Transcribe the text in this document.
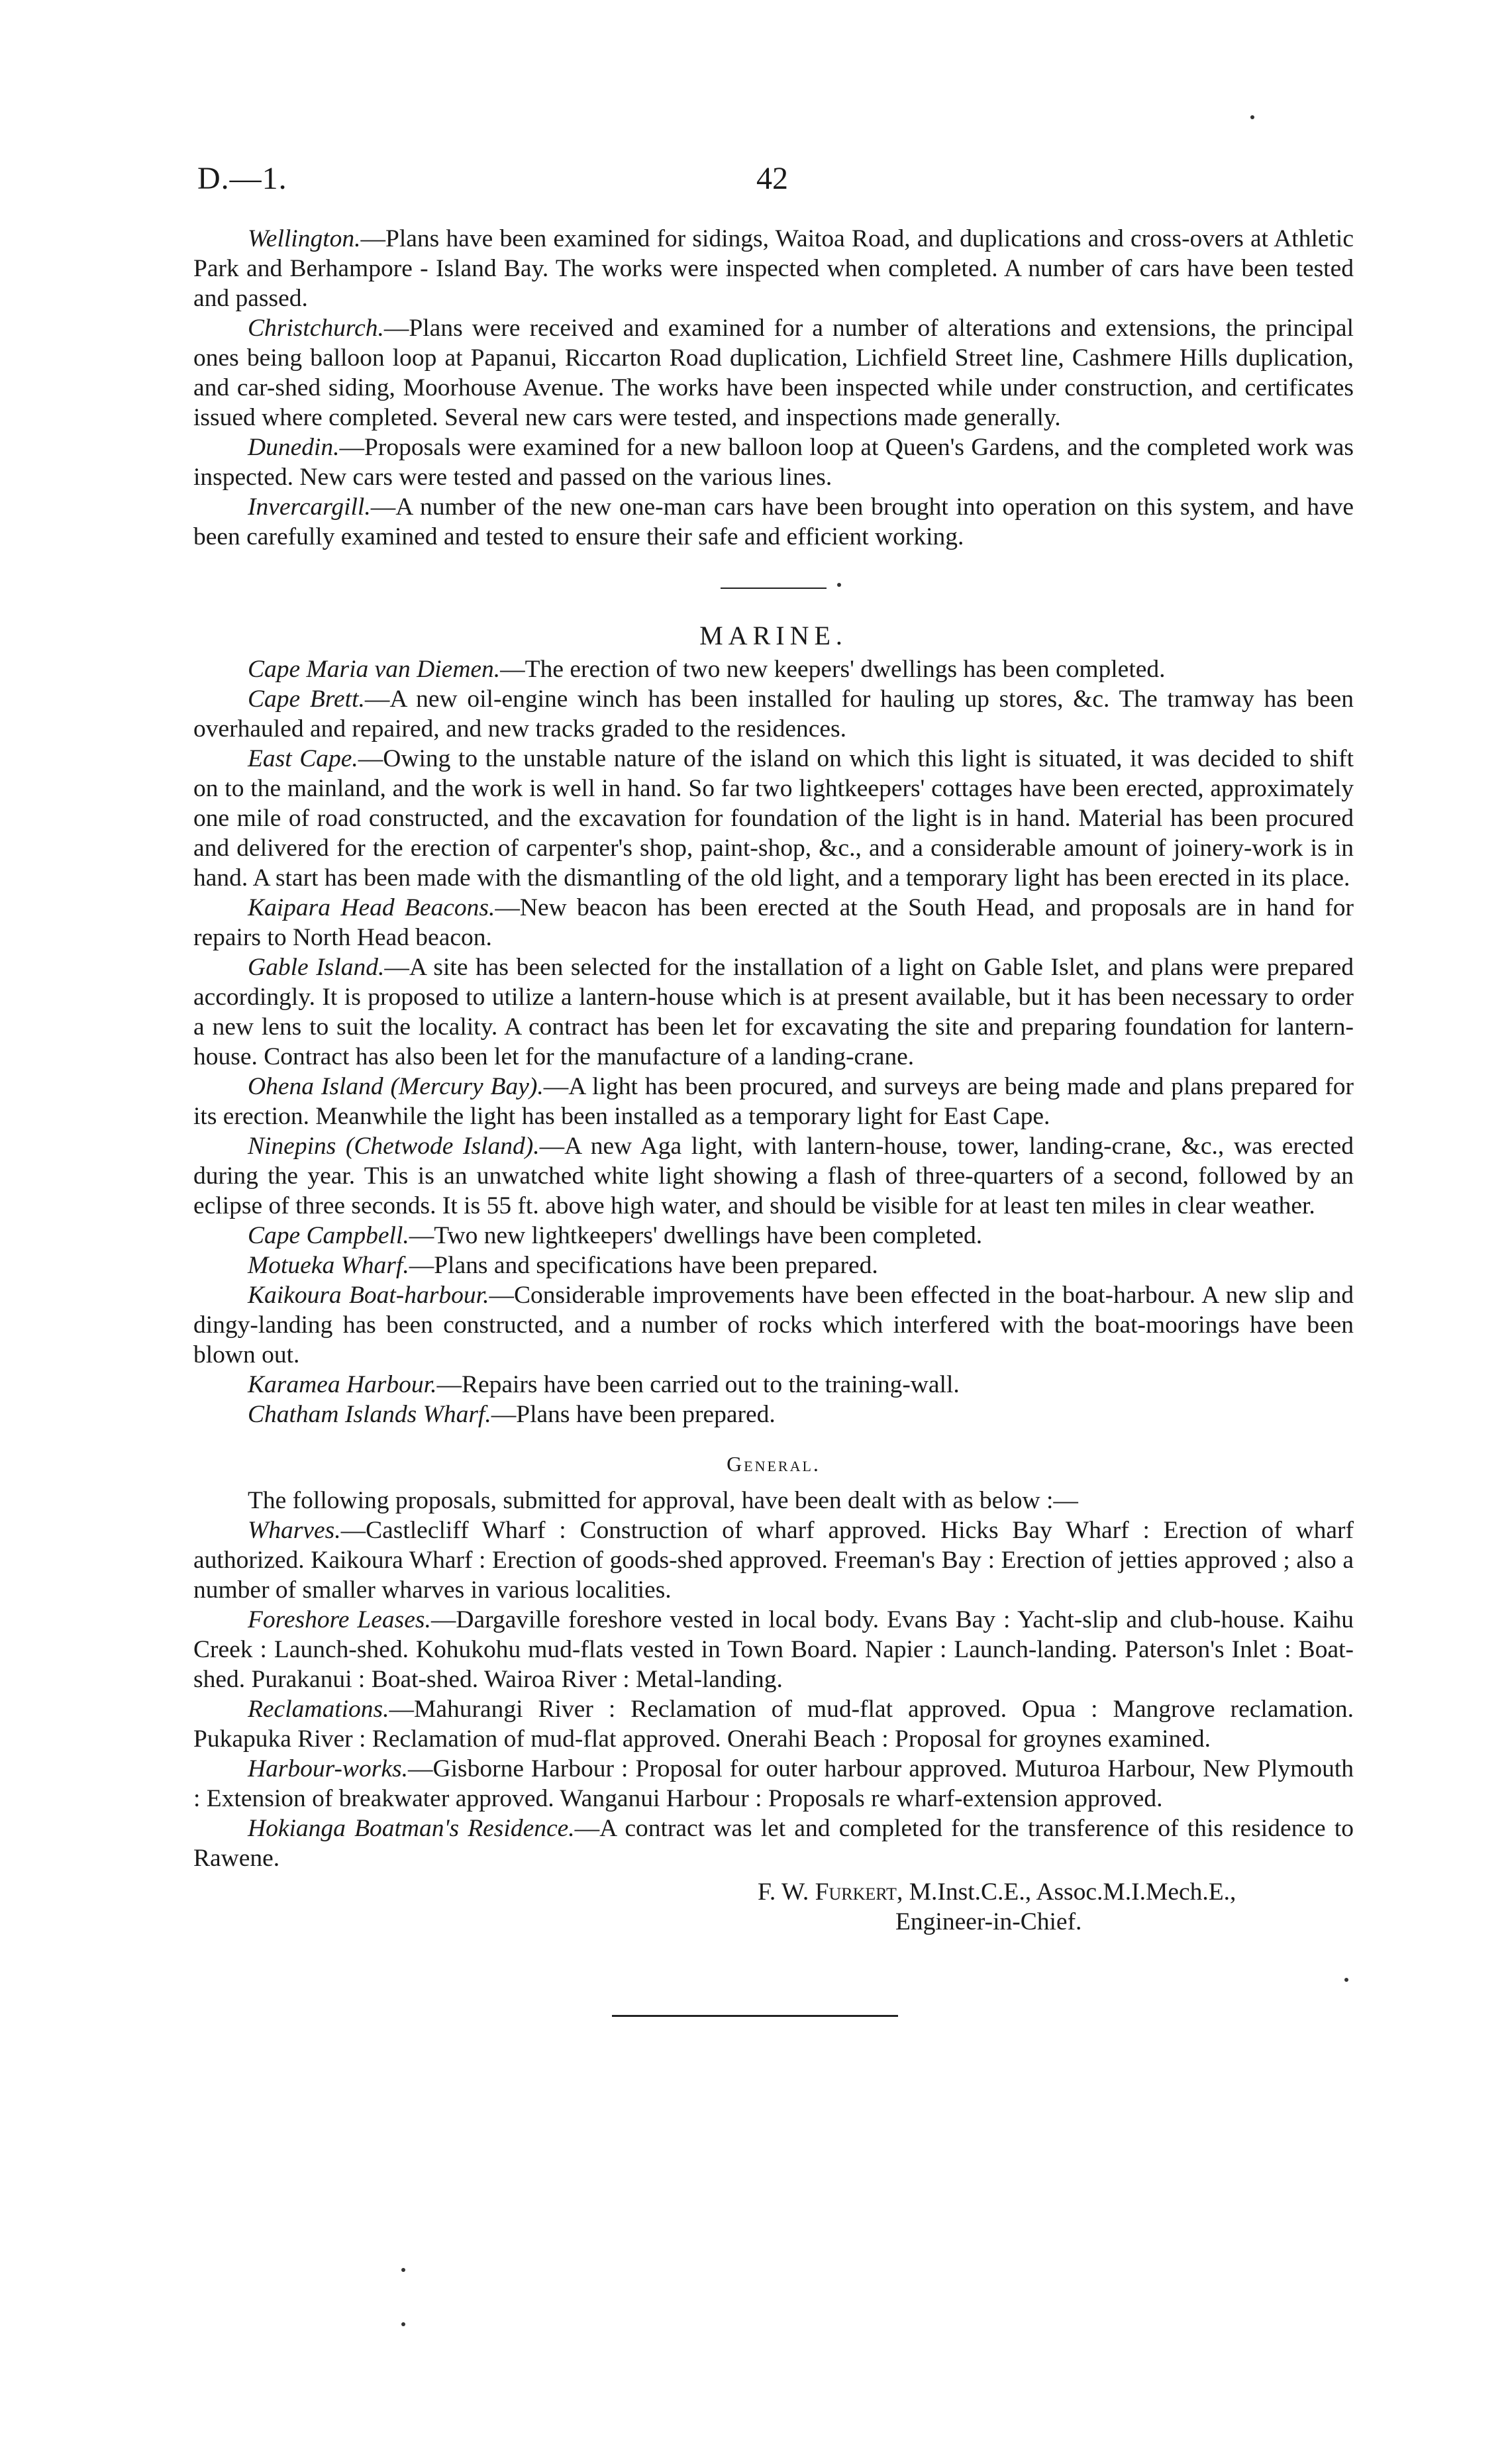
D.—1.	42

Wellington.—Plans have been examined for sidings, Waitoa Road, and duplications and cross-overs at Athletic Park and Berhampore - Island Bay. The works were inspected when completed. A number of cars have been tested and passed.

Christchurch.—Plans were received and examined for a number of alterations and extensions, the principal ones being balloon loop at Papanui, Riccarton Road duplication, Lichfield Street line, Cashmere Hills duplication, and car-shed siding, Moorhouse Avenue. The works have been inspected while under construction, and certificates issued where completed. Several new cars were tested, and inspections made generally.

Dunedin.—Proposals were examined for a new balloon loop at Queen's Gardens, and the completed work was inspected. New cars were tested and passed on the various lines.

Invercargill.—A number of the new one-man cars have been brought into operation on this system, and have been carefully examined and tested to ensure their safe and efficient working.

MARINE.

Cape Maria van Diemen.—The erection of two new keepers' dwellings has been completed.

Cape Brett.—A new oil-engine winch has been installed for hauling up stores, &c. The tramway has been overhauled and repaired, and new tracks graded to the residences.

East Cape.—Owing to the unstable nature of the island on which this light is situated, it was decided to shift on to the mainland, and the work is well in hand. So far two lightkeepers' cottages have been erected, approximately one mile of road constructed, and the excavation for foundation of the light is in hand. Material has been procured and delivered for the erection of carpenter's shop, paint-shop, &c., and a considerable amount of joinery-work is in hand. A start has been made with the dismantling of the old light, and a temporary light has been erected in its place.

Kaipara Head Beacons.—New beacon has been erected at the South Head, and proposals are in hand for repairs to North Head beacon.

Gable Island.—A site has been selected for the installation of a light on Gable Islet, and plans were prepared accordingly. It is proposed to utilize a lantern-house which is at present available, but it has been necessary to order a new lens to suit the locality. A contract has been let for excavating the site and preparing foundation for lantern-house. Contract has also been let for the manufacture of a landing-crane.

Ohena Island (Mercury Bay).—A light has been procured, and surveys are being made and plans prepared for its erection. Meanwhile the light has been installed as a temporary light for East Cape.

Ninepins (Chetwode Island).—A new Aga light, with lantern-house, tower, landing-crane, &c., was erected during the year. This is an unwatched white light showing a flash of three-quarters of a second, followed by an eclipse of three seconds. It is 55 ft. above high water, and should be visible for at least ten miles in clear weather.

Cape Campbell.—Two new lightkeepers' dwellings have been completed.

Motueka Wharf.—Plans and specifications have been prepared.

Kaikoura Boat-harbour.—Considerable improvements have been effected in the boat-harbour. A new slip and dingy-landing has been constructed, and a number of rocks which interfered with the boat-moorings have been blown out.

Karamea Harbour.—Repairs have been carried out to the training-wall.

Chatham Islands Wharf.—Plans have been prepared.

General.

The following proposals, submitted for approval, have been dealt with as below :—

Wharves.—Castlecliff Wharf : Construction of wharf approved. Hicks Bay Wharf : Erection of wharf authorized. Kaikoura Wharf : Erection of goods-shed approved. Freeman's Bay : Erection of jetties approved ; also a number of smaller wharves in various localities.

Foreshore Leases.—Dargaville foreshore vested in local body. Evans Bay : Yacht-slip and club-house. Kaihu Creek : Launch-shed. Kohukohu mud-flats vested in Town Board. Napier : Launch-landing. Paterson's Inlet : Boat-shed. Purakanui : Boat-shed. Wairoa River : Metal-landing.

Reclamations.—Mahurangi River : Reclamation of mud-flat approved. Opua : Mangrove reclamation. Pukapuka River : Reclamation of mud-flat approved. Onerahi Beach : Proposal for groynes examined.

Harbour-works.—Gisborne Harbour : Proposal for outer harbour approved. Muturoa Harbour, New Plymouth : Extension of breakwater approved. Wanganui Harbour : Proposals re wharf-extension approved.

Hokianga Boatman's Residence.—A contract was let and completed for the transference of this residence to Rawene.

F. W. Furkert, M.Inst.C.E., Assoc.M.I.Mech.E.,
Engineer-in-Chief.
